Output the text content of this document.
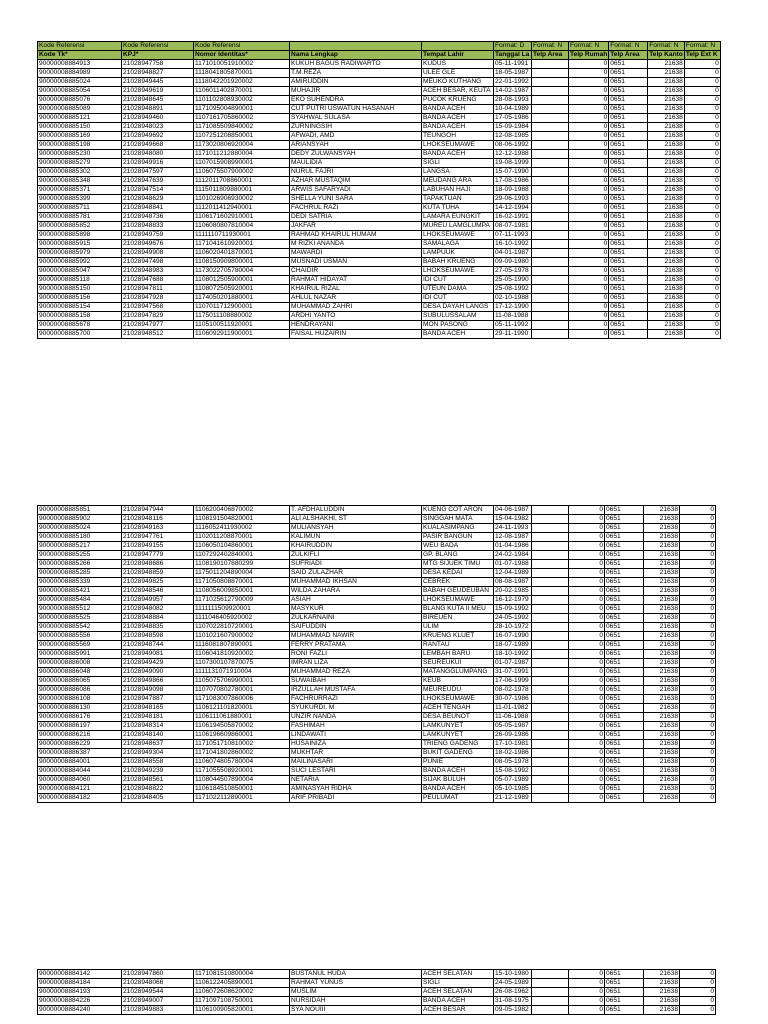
Kode Referensi	Kode Referensi	Kode Referensi			Format: D	Format: N	Format: N	Format: N	Format: N	Format: N
Kode Tk*	KPJ*	Nomor Identitas*	Nama Lengkap	Tempat Lahir	Tanggal La	Telp Area	Telp Rumah	Telp Area	Telp Kanto	Telp Ext K
90000008884913	21028947758	1171010051910002	KUKUH BAGUS RADIWARTO	KUDUS	05-11-1991		0	0651	21638	0
90000008884989	21028948827	1118041805870001	T.M.REZA	ULEE GLE	18-05-1987		0	0651	21638	0
90000008885024	21028949445	1118042201920002	AMIRUDDIN	MEUKO KUTHANG	22-01-1992		0	0651	21638	0
90000008885054	21028949619	1106011402870001	MUHAJIR	ACEH BESAR, KEUTA	14-02-1987		0	0651	21638	0
90000008885076	21028948645	1101102808930002	EKO SUHENDRA	PUCOK KRUENG	28-08-1993		0	0651	21638	0
90000008885089	21028948891	1171095004890001	CUT PUTRI USWATUN HASANAH	BANDA ACEH	10-04-1989		0	0651	21638	0
90000008885121	21028949460	1107161705860002	SYAHWAL SULASA	BANDA ACEH	17-05-1986		0	0651	21638	0
90000008885150	21028948023	1171085509840002	ZURNINGSIH	BANDA ACEH	15-09-1984		0	0651	21638	0
90000008885169	21028949692	1107251208850001	AFWADI, AMD	TEUNGOH	12-08-1985		0	0651	21638	0
90000008885198	21028949668	1173020806920004	ARIANSYAH	LHOKSEUMAWE	08-06-1992		0	0651	21638	0
90000008885230	21028948080	1171011212880004	DEDY ZULWANSYAH	BANDA ACEH	12-12-1988		0	0651	21638	0
90000008885279	21028949916	1107015908990001	MAULIDIA	SIGLI	19-08-1999		0	0651	21638	0
90000008885302	21028947597	1106075507900002	NURUL FAJRI	LANGSA	15-07-1990		0	0651	21638	0
90000008885348	21028947639	1112011708860001	AZHAR MUSTAQIM	MEUDANG ARA	17-08-1986		0	0651	21638	0
90000008885371	21028947514	1115011809880001	ARWIS SAFARYADI	LABUHAN HAJI	18-09-1988		0	0651	21638	0
90000008885399	21028948629	1101026906930002	SHELLA YUNI SARA	TAPAKTUAN	29-06-1993		0	0651	21638	0
90000008885711	21028948841	1112011412940001	FACHRUL RAZI	KUTA TUHA	14-12-1994		0	0651	21638	0
90000008885781	21028948736	1106171602910001	DEDI SATRIA	LAMARA EUNGKIT	16-02-1991		0	0651	21638	0
90000008885852	21028948833	1106080807810004	JAKFAR	MUREU LAMGLUMPA	08-07-1981		0	0651	21638	0
90000008885898	21028949759	1111110711930001	RAHMAD KHAIRUL HUMAM	LHOKSEUMAWE	07-11-1993		0	0651	21638	0
90000008885915	21028949676	1171041610920001	M RIZKI ANANDA	SAMALAGA	16-10-1992		0	0651	21638	0
90000008885979	21028949908	1106020401870001	MAWARDI	LAMPUUK	04-01-1987		0	0651	21638	0
90000008885992	21028947498	1108150909800001	MUSNADI USMAN	BABAH KRUENG	09-09-1980		0	0651	21638	0
90000008885047	21028948983	1173022705780004	CHAIDIR	LHOKSEUMAWE	27-05-1978		0	0651	21638	0
90000008885118	21028947688	1108012505900001	RAHMAT HIDAYAT	IDI CUT	25-05-1990		0	0651	21638	0
90000008885150	21028947811	1108072505920001	KHAIRUL RIZAL	UTEUN DAMA	25-08-1992		0	0651	21638	0
90000008885156	21028947928	1174050201880001	AHLUL NAZAR	IDI CUT	02-10-1988		0	0651	21638	0
90000008885154	21028947568	1107011712900001	MUHAMMAD ZAHRI	DESA DAYAH LANGS	17-12-1990		0	0651	21638	0
90000008885158	21028947829	1175011108880002	ARDHI YANTO	SUBULUSSALAM	11-08-1988		0	0651	21638	0
90000008885678	21028947977	1105100511920001	HENDRAYANI	MON PASONG	05-11-1992		0	0651	21638	0
90000008885700	21028948512	1106092911900001	FAISAL HUZAIRIN	BANDA ACEH	29-11-1990		0	0651	21638	0
90000008885851	21028947944	1106200406870002	T. AFDHALUDDIN	KUENG COT ARON	04-06-1987		0	0651	21638	0
90000008885902	21028948116	1108191504820001	ALI ALSHAKHI, ST	SINGGAH MATA	15-04-1982		0	0651	21638	0
90000008885024	21028949163	1116052411930002	MULIANSYAH	KUALASIMPANG	24-11-1993		0	0651	21638	0
90000008885180	21028947761	1102011208870001	KALIMUN	PASIR BANGUN	12-08-1987		0	0651	21638	0
90000008885217	21028949155	1106050104860001	KHAIRUDDIN	WEU BADA	01-04-1986		0	0651	21638	0
90000008885255	21028947779	1107292402840001	ZULKIFLI	GP. BLANG	24-02-1984		0	0651	21638	0
90000008885266	21028948686	1108190107880299	SUFRIADI	MTG SIJUEK TIMU	01-07-1988		0	0651	21638	0
90000008885285	21028948859	1175011204890004	SAID ZULAZHAR	DESA KEDAI	12-04-1989		0	0651	21638	0
90000008885339	21028949825	1171050808870001	MUHAMMAD IKHSAN	CEBREK	08-08-1987		0	0651	21638	0
90000008885421	21028948546	1108056009850001	WILDA ZAHARA	BABAH GEUDEUBAN	20-02-1985		0	0651	21638	0
90000008885484	21028949957	1171025612790009	ASIAH	LHOKSEUMAWE	16-12-1979		0	0651	21638	0
90000008885512	21028948082	1111111509920001	MASYKUR	BLANG KUTA II MEU	15-09-1992		0	0651	21638	0
90000008885525	21028948884	1111046405920002	ZULKARNAINI	BIREUEN	24-05-1992		0	0651	21638	0
90000008885542	21028948835	1107022810720001	SAIFUDDIN	ULIM	28-10-1972		0	0651	21638	0
90000008885556	21028948598	1101021607900002	MUHAMMAD NAWIR	KRUENG KLUET	16-07-1990		0	0651	21638	0
90000008885569	21028948744	1116081807890001	FERRY PRATAMA	RANTAU	18-07-1989		0	0651	21638	0
90000008885991	21028949081	1106041810920002	RONI FAZLI	LEMBAH BARU	18-10-1992		0	0651	21638	0
90000008886008	21028949429	1107300107870075	IMRAN LIZA	SEUREUKUI	01-07-1987		0	0651	21638	0
90000008886048	21028949090	1111131071910004	MUHAMMAD REZA	MATANGGLUMPANG	31-07-1991		0	0651	21638	0
90000008886065	21028949866	1105075706990001	SUWAIBAH	KEUB	17-06-1999		0	0651	21638	0
90000008886086	21028949098	1107070802780001	IRZULLAH MUSTAFA	MEUREUDU	08-02-1978		0	0651	21638	0
90000008886108	21028947887	1171083007860006	FACHRURRAZI	LHOKSEUMAWE	30-07-1986		0	0651	21638	0
90000008886130	21028948165	1106121101820001	SYUKURDI. M	ACEH TENGAH	11-01-1982		0	0651	21638	0
90000008886176	21028948181	1106111061880001	UNZIR NANDA	DESA BEUNOT	11-06-1988		0	0651	21638	0
90000008886197	21028948314	1106194505870002	FASHIMAH	LAMKUNYET	05-05-1987		0	0651	21638	0
90000008886216	21028948140	1106196609860001	LINDAWATI	LAMKUNYET	26-09-1986		0	0651	21638	0
90000008886229	21028948637	1171051710810002	HUSAINIZA	TRIENG GADENG	17-10-1981		0	0651	21638	0
90000008886387	21028949304	1171041802860002	MUKHTAR	BUKIT GADENG	18-02-1986		0	0651	21638	0
90000008884001	21028948558	1106074805780004	MAILINASARI	PUNIE	08-05-1978		0	0651	21638	0
90000008884044	21028949239	1171055508920001	SUCI LESTARI	BANDA ACEH	15-08-1992		0	0651	21638	0
90000008884060	21028948561	1108044507890004	NETARIA	SIJAK BULUH	05-07-1989		0	0651	21638	0
90000008884121	21028948822	1106184510850001	AMINASYAH RIDHA	BANDA ACEH	05-10-1985		0	0651	21638	0
90000008884182	21028948405	1171022112890001	ARIF PRIBADI	PEULUMAT	21-12-1989		0	0651	21638	0
90000008884142	21028947860	1171081510800004	BUSTANUL HUDA	ACEH SELATAN	15-10-1980		0	0651	21638	0
90000008884184	21028948066	1106122405890001	RAHMAT YUNUS	SIGLI	24-05-1989		0	0651	21638	0
90000008884193	21028949544	1106072608620002	MUSLIM	ACEH SELATAN	26-08-1962		0	0651	21638	0
90000008884226	21028949007	1171097108750001	NURSIDAH	BANDA ACEH	31-08-1975		0	0651	21638	0
90000008884240	21028949883	1106100905820001	SYA NOUIII	ACEH BESAR	09-05-1982		0	0651	21638	0
